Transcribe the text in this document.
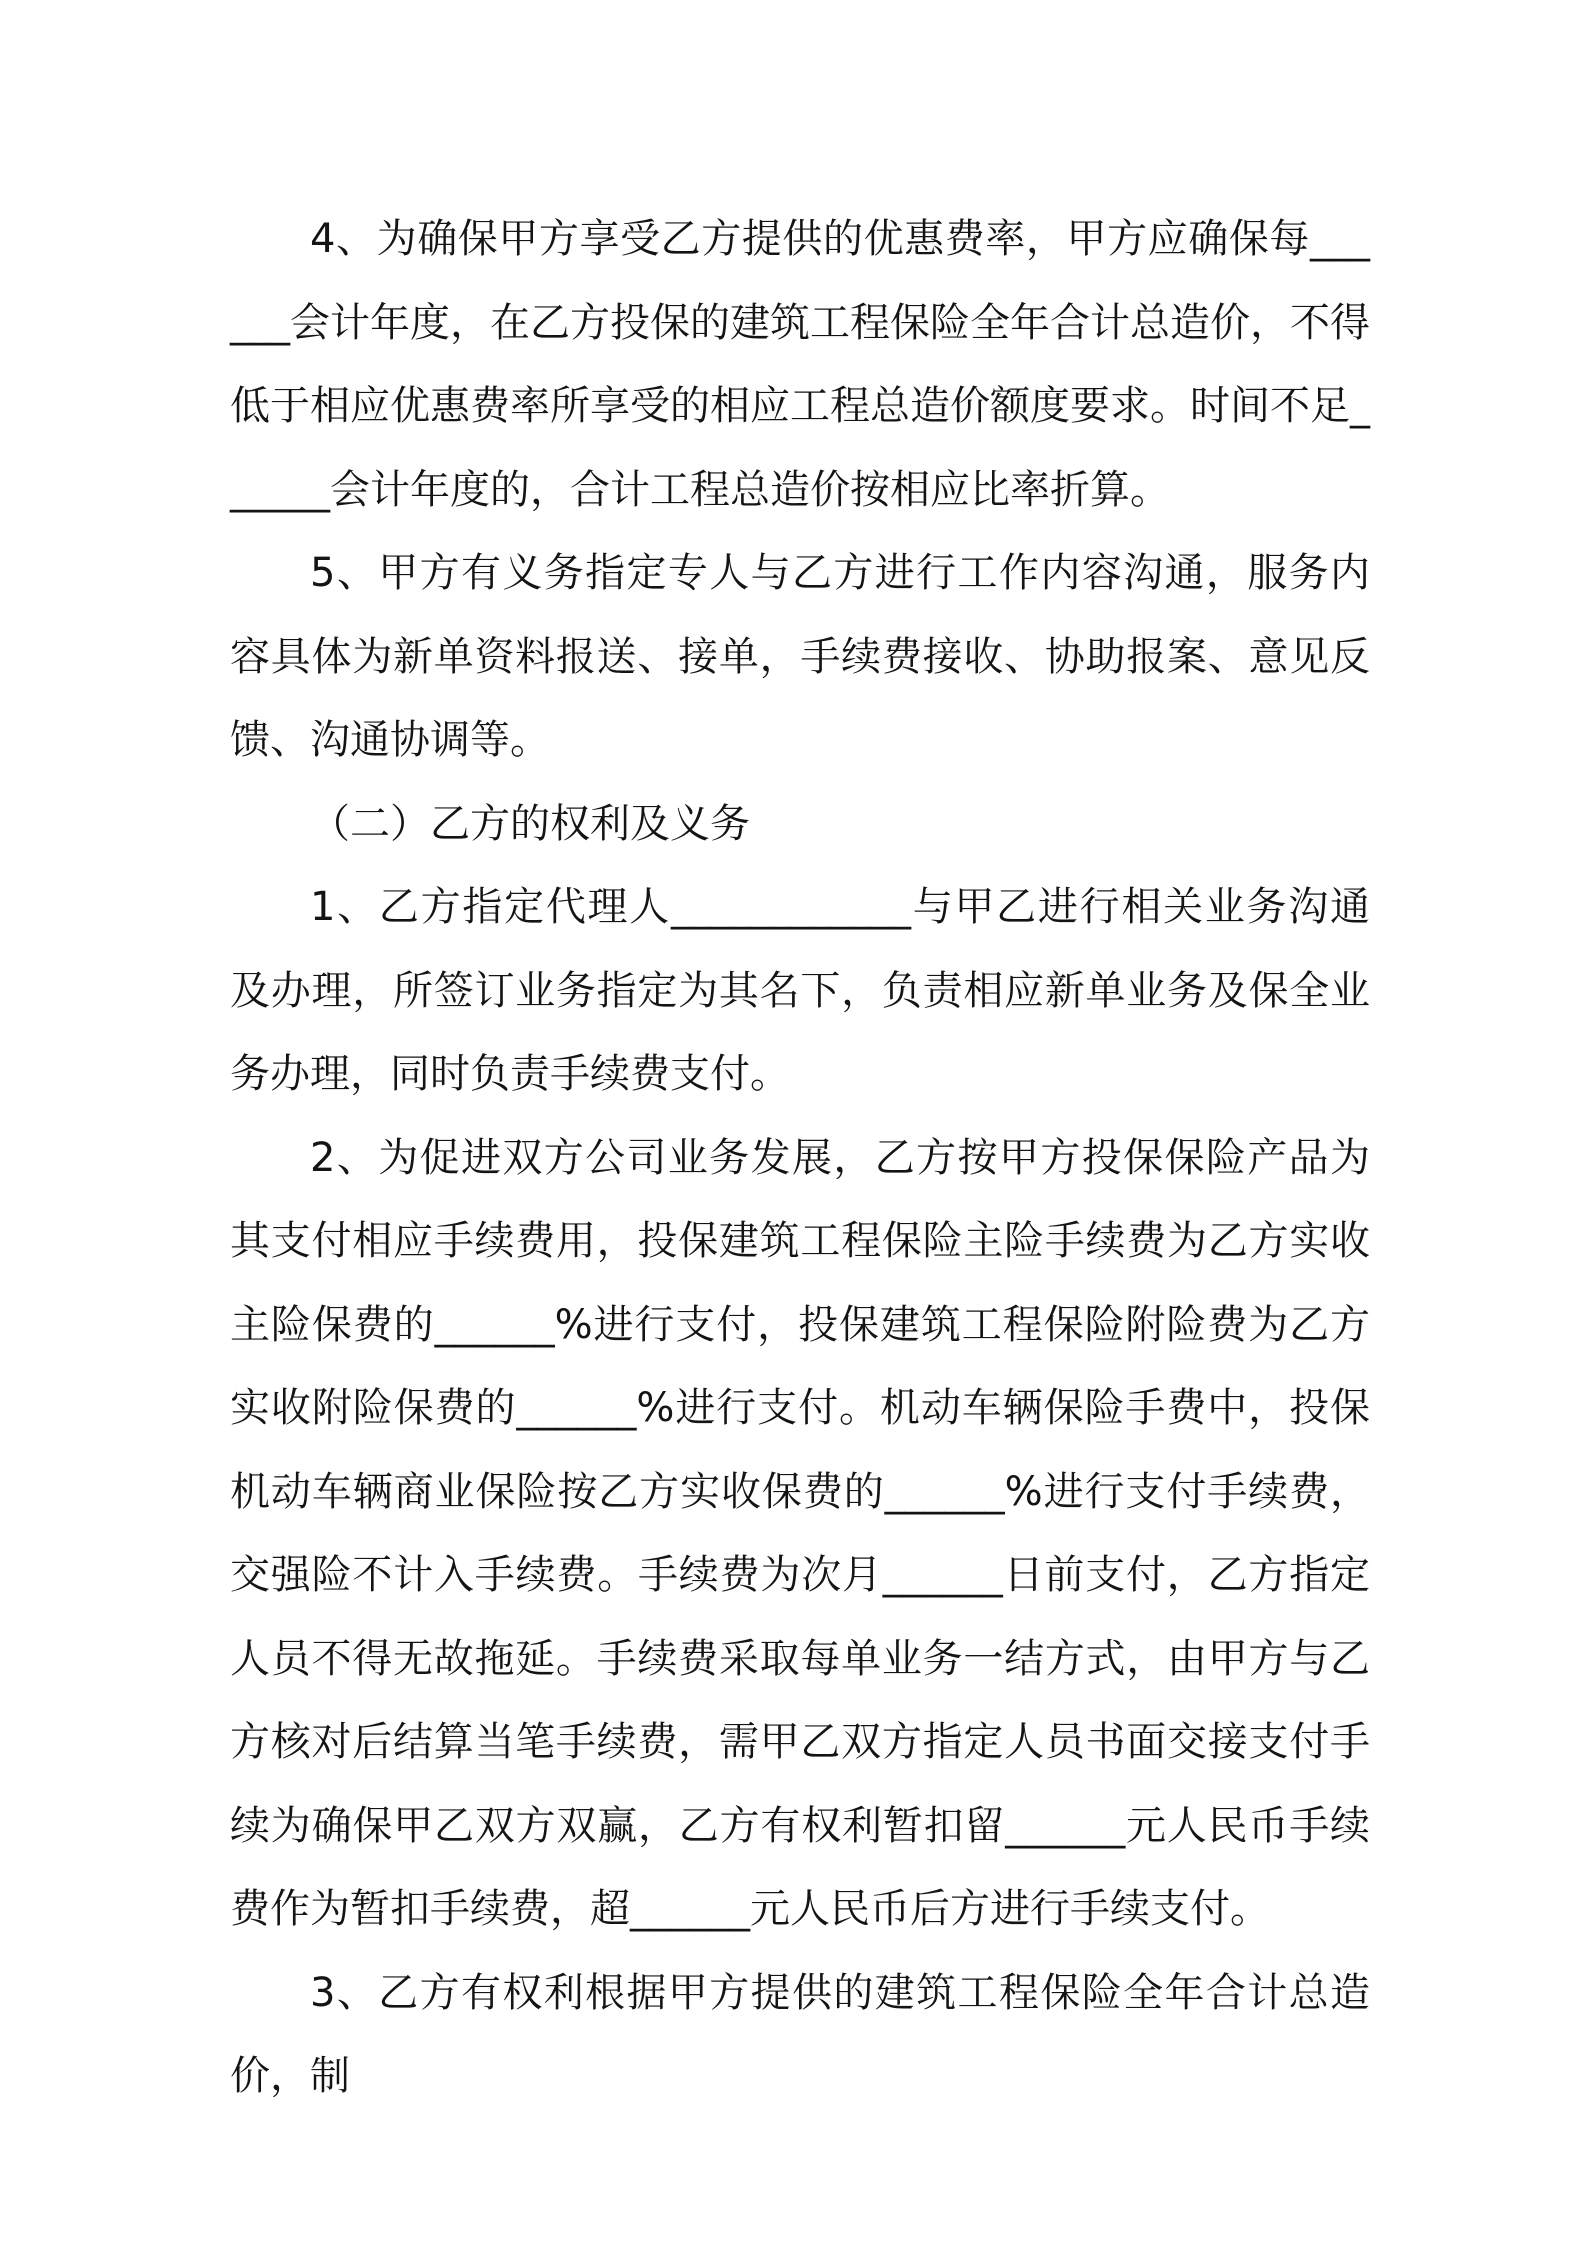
4、为确保甲方享受乙方提供的优惠费率，甲方应确保每______会计年度，在乙方投保的建筑工程保险全年合计总造价，不得低于相应优惠费率所享受的相应工程总造价额度要求。时间不足______会计年度的，合计工程总造价按相应比率折算。

5、甲方有义务指定专人与乙方进行工作内容沟通，服务内容具体为新单资料报送、接单，手续费接收、协助报案、意见反馈、沟通协调等。

（二）乙方的权利及义务

1、乙方指定代理人____________与甲乙进行相关业务沟通及办理，所签订业务指定为其名下，负责相应新单业务及保全业务办理，同时负责手续费支付。

2、为促进双方公司业务发展，乙方按甲方投保保险产品为其支付相应手续费用，投保建筑工程保险主险手续费为乙方实收主险保费的______%进行支付，投保建筑工程保险附险费为乙方实收附险保费的______%进行支付。机动车辆保险手费中，投保机动车辆商业保险按乙方实收保费的______%进行支付手续费，交强险不计入手续费。手续费为次月______日前支付，乙方指定人员不得无故拖延。手续费采取每单业务一结方式，由甲方与乙方核对后结算当笔手续费，需甲乙双方指定人员书面交接支付手续为确保甲乙双方双赢，乙方有权利暂扣留______元人民币手续费作为暂扣手续费，超______元人民币后方进行手续支付。

3、乙方有权利根据甲方提供的建筑工程保险全年合计总造价，制
